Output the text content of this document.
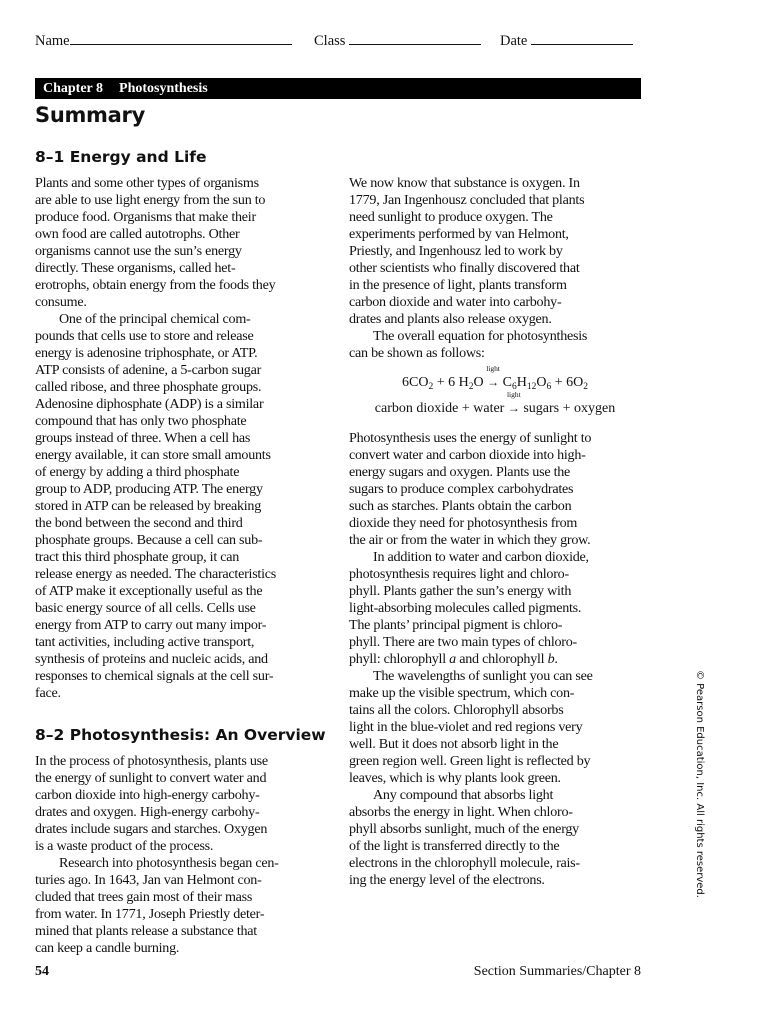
Name	Class	Date
Chapter 8 Photosynthesis
Summary
8–1 Energy and Life
Plants and some other types of organisms
are able to use light energy from the sun to
produce food. Organisms that make their
own food are called autotrophs. Other
organisms cannot use the sun’s energy
directly. These organisms, called het-
erotrophs, obtain energy from the foods they
consume.
One of the principal chemical com-
pounds that cells use to store and release
energy is adenosine triphosphate, or ATP.
ATP consists of adenine, a 5-carbon sugar
called ribose, and three phosphate groups.
Adenosine diphosphate (ADP) is a similar
compound that has only two phosphate
groups instead of three. When a cell has
energy available, it can store small amounts
of energy by adding a third phosphate
group to ADP, producing ATP. The energy
stored in ATP can be released by breaking
the bond between the second and third
phosphate groups. Because a cell can sub-
tract this third phosphate group, it can
release energy as needed. The characteristics
of ATP make it exceptionally useful as the
basic energy source of all cells. Cells use
energy from ATP to carry out many impor-
tant activities, including active transport,
synthesis of proteins and nucleic acids, and
responses to chemical signals at the cell sur-
face.
8–2 Photosynthesis: An Overview
In the process of photosynthesis, plants use
the energy of sunlight to convert water and
carbon dioxide into high-energy carbohy-
drates and oxygen. High-energy carbohy-
drates include sugars and starches. Oxygen
is a waste product of the process.
Research into photosynthesis began cen-
turies ago. In 1643, Jan van Helmont con-
cluded that trees gain most of their mass
from water. In 1771, Joseph Priestly deter-
mined that plants release a substance that
can keep a candle burning.
We now know that substance is oxygen. In
1779, Jan Ingenhousz concluded that plants
need sunlight to produce oxygen. The
experiments performed by van Helmont,
Priestly, and Ingenhousz led to work by
other scientists who finally discovered that
in the presence of light, plants transform
carbon dioxide and water into carbohy-
drates and plants also release oxygen.
The overall equation for photosynthesis
can be shown as follows:
$6CO_2 + 6$ $H_2O$
light
→ $C_6H_{12}O_6 + 6O_2$
carbon dioxide + water
light
→ sugars + oxygen
Photosynthesis uses the energy of sunlight to
convert water and carbon dioxide into high-
energy sugars and oxygen. Plants use the
sugars to produce complex carbohydrates
such as starches. Plants obtain the carbon
dioxide they need for photosynthesis from
the air or from the water in which they grow.
In addition to water and carbon dioxide,
photosynthesis requires light and chloro-
phyll. Plants gather the sun’s energy with
light-absorbing molecules called pigments.
The plants’ principal pigment is chloro-
phyll. There are two main types of chloro-
phyll: chlorophyll a and chlorophyll b.
The wavelengths of sunlight you can see
make up the visible spectrum, which con-
tains all the colors. Chlorophyll absorbs
light in the blue-violet and red regions very
well. But it does not absorb light in the
green region well. Green light is reflected by
leaves, which is why plants look green.
Any compound that absorbs light
absorbs the energy in light. When chloro-
phyll absorbs sunlight, much of the energy
of the light is transferred directly to the
electrons in the chlorophyll molecule, rais-
ing the energy level of the electrons.	© Pearson Education, Inc. All rights reserved.
54	Section Summaries/Chapter 8
